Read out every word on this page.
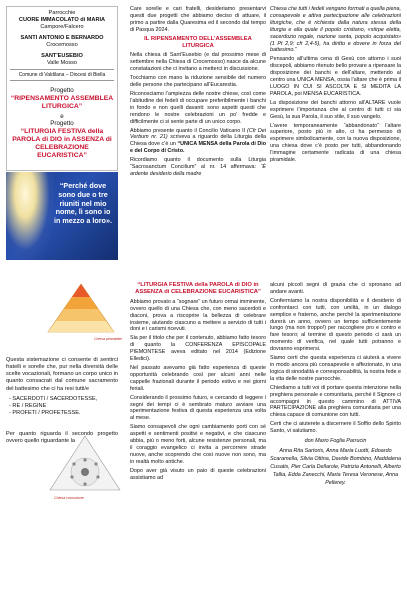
Parrocchie
CUORE IMMACOLATO di MARIA
Campore/Falcero
SANTI ANTONIO E BERNARDO
Crocemosso
SANT'EUSEBIO
Valle Mosso
Comune di Valdilana – Diocesi di Biella
Progetto
“RIPENSAMENTO ASSEMBLEA LITURGICA”
e
Progetto
“LITURGIA FESTIVA della PAROLA di DIO in ASSENZA di CELEBRAZIONE EUCARISTICA”
“Perché dove sono due o tre riuniti nel mio nome, lì sono io in mezzo a loro».
Chiesa piramidale
Chiesa comunione

Questa sistemazione ci consente di sentirci fratelli e sorelle che, pur nella diversità delle scelte vocazionali, formano un corpo unico in quanto consacrati dal comune sacramento del battesimo che ci ha resi tutti/e

- SACERDOTI / SACERDOTESSE,
- RE / REGINE
- PROFETI / PROFETESSE.

Per quanto riguarda il secondo progetto ovvero quello riguardante la

Care sorelle e cari fratelli, desideriamo presentarvi questi due progetti che abbiamo deciso di attuare, il primo a partire dalla Quaresima ed il secondo dal tempo di Pasqua 2024.

IL RIPENSAMENTO DELL’ASSEMBLEA LITURGICA

Nella chiesa di Sant’Eusebio (e dal prossimo mese di settembre nella Chiesa di Crocemosso) nasce da alcune constatazioni che ci invitano a metterci in discussione.

Tocchiamo con mano la riduzione sensibile del numero delle persone che partecipano all’Eucarestia.

Riconosciamo l’ampiezza delle nostre chiese, così come l’abitudine dei fedeli di occupare preferibilmente i banchi in fondo e non quelli davanti: sono aspetti questi che rendono le nostre celebrazioni un po’ fredde e difficilmente ci si sente parte di un unico corpo.

Abbiamo presente quanto il Concilio Vaticano II (Cfr Dei Verbum nr. 21) scriveva a riguardo della Liturgia della Chiesa dove c’è un “UNICA MENSA della Parola di Dio e del Corpo di Cristo.

Ricordiamo quanto il documento sulla Liturgia “Sacrosanctum Concilium” al nr. 14 affermava: “È ardente desiderio della madre

Chiesa che tutti i fedeli vengano formati a quella piena, consapevole e attiva partecipazione alle celebrazioni liturgiche, che è richiesta dalla natura stessa della liturgia e alla quale il popolo cristiano, «stirpe eletta, sacerdozio regale, nazione santa, popolo acquistato» (1 Pt 2,9; cfr 2,4-5), ha diritto e dovere in forza del battesimo.”

Pensando all’ultima cena di Gesù con attorno i suoi discepoli, abbiamo ritenuto bello provare a ripensare la disposizione dei banchi e dell’altare, mettendo al centro una UNICA MENSA, ossia l’altare che è prima il LUOGO IN CUI SI ASCOLTA E SI MEDITA LA PAROLA, poi MENSA EUCARISTICA.

La disposizione dei banchi attorno all’ALTARE vuole esprimere l’importanza che al centro di tutti ci sia Gesù, la sua Parola, il suo stile, il suo vangelo.

L’avere temporaneamente “abbandonato” l’altare superiore, posto più in alto, ci ha permesso di esprimere simbolicamente, con la nuova disposizione, una chiesa dove c’è posto per tutti, abbandonando l’immagine certamente radicata di una chiesa piramidale.

“LITURGIA FESTIVA della PAROLA di DIO in ASSENZA di CELEBRAZIONE EUCARISTICA”

Abbiamo provato a “sognare” un futuro ormai imminente, ovvero quello di una Chiesa che, con meno sacerdoti e diaconi, prova a riscoprire la bellezza di celebrare insieme, aiutando ciascuno a mettere a servizio di tutti i doni e i carismi ricevuti.

Sia per il titolo che per il contenuto, abbiamo fatto tesoro di quanto la CONFERENZA EPISCOPALE PIEMONTESE aveva editato nel 2014 (Edizione Elledici).

Nel passato avevamo già fatto esperienza di queste opportunità celebrando così per alcuni anni nelle cappelle frazionali durante il periodo estivo e nei giorni feriali.

Considerando il prossimo futuro, e cercando di leggere i segni dei tempi ci è sembrato maturo avviare una sperimentazione festiva di questa esperienza una volta al mese.

Siamo consapevoli che ogni cambiamento porti con sé aspetti e sentimenti positivi e negativi, e che ciascuno abbia, più o meno forti, alcune resistenze personali, ma il coraggio evangelico ci invita a percorrere strade nuove, anche scoprendo che così nuove non sono, ma in realtà molto antiche.

Dopo aver già visuto un paio di queste celebrazioni assistiamo ad

alcuni piccoli segni di grazia che ci spronano ad andare avanti.

Confermiamo la nostra disponibilità e il desiderio di confrontarci con tutti, con umiltà, in un dialogo semplice e fraterno, anche perché la sperimentazione durerà un anno, ovvero un tempo sufficientemente lungo (ma non troppo!) per raccogliere pro e contro e fare tesoro; al termine di questo periodo ci sarà un momento di verifica, nel quale tutti potranno e dovranno esprimersi.

Siamo certi che questa esperienza ci aiuterà a vivere in modo ancora più consapevole e affezionato, in una logica di sinodalità e corresponsabilità, la nostra fede e la vita delle nostre parrocchie.

Chiediamo a tutti voi di portare questa intenzione nella preghiera personale e comunitaria, perché il Signore ci accompagni in questo cammino di ATTIVA PARTECIPAZIONE alla preghiera comunitaria per una chiesa capace di comunione con tutti.

Certi che ci aiuterete a discernere il Soffio dello Spirito Santo, vi salutiamo.

don Mario Foglia Parrucin

Anna Rita Sartoris, Anna Maria Luotti, Edoardo Scaramella, Silvia Ottina, Davide Bombino, Maddalena Cusatis, Pier Carla Dellarole, Patrizia Antonelli, Alberto Tallia, Edda Zanecchi, Maria Teresa Veronese, Anna Pellerey.
